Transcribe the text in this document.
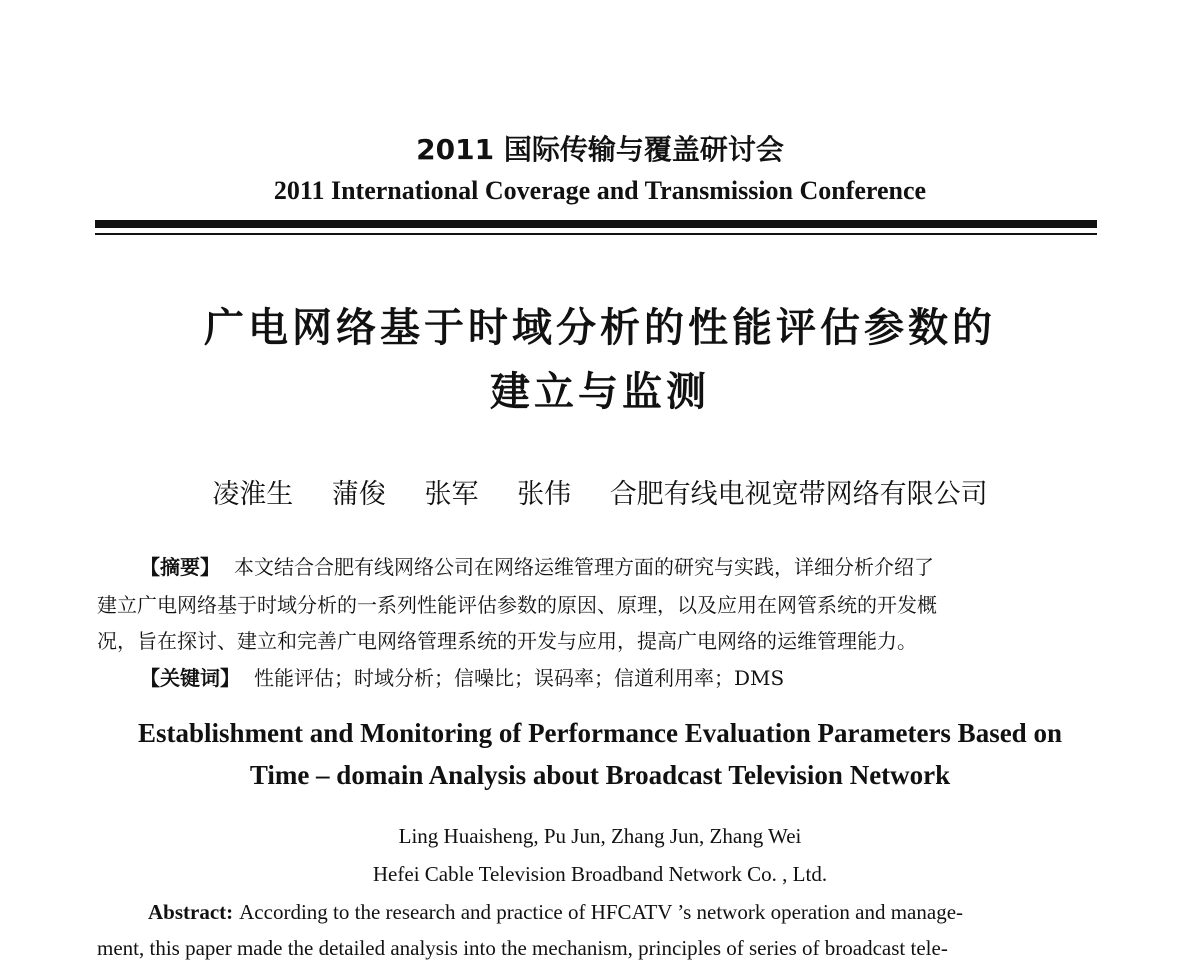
2011 国际传输与覆盖研讨会
2011 International Coverage and Transmission Conference
广电网络基于时域分析的性能评估参数的
建立与监测
凌淮生 蒲俊 张军 张伟 合肥有线电视宽带网络有限公司
【摘要】 本文结合合肥有线网络公司在网络运维管理方面的研究与实践，详细分析介绍了
建立广电网络基于时域分析的一系列性能评估参数的原因、原理，以及应用在网管系统的开发概
况，旨在探讨、建立和完善广电网络管理系统的开发与应用，提高广电网络的运维管理能力。
【关键词】 性能评估；时域分析；信噪比；误码率；信道利用率；DMS
Establishment and Monitoring of Performance Evaluation Parameters Based on
Time – domain Analysis about Broadcast Television Network
Ling Huaisheng, Pu Jun, Zhang Jun, Zhang Wei
Hefei Cable Television Broadband Network Co. , Ltd.
Abstract: According to the research and practice of HFCATV ’s network operation and manage-
ment, this paper made the detailed analysis into the mechanism, principles of series of broadcast tele-
